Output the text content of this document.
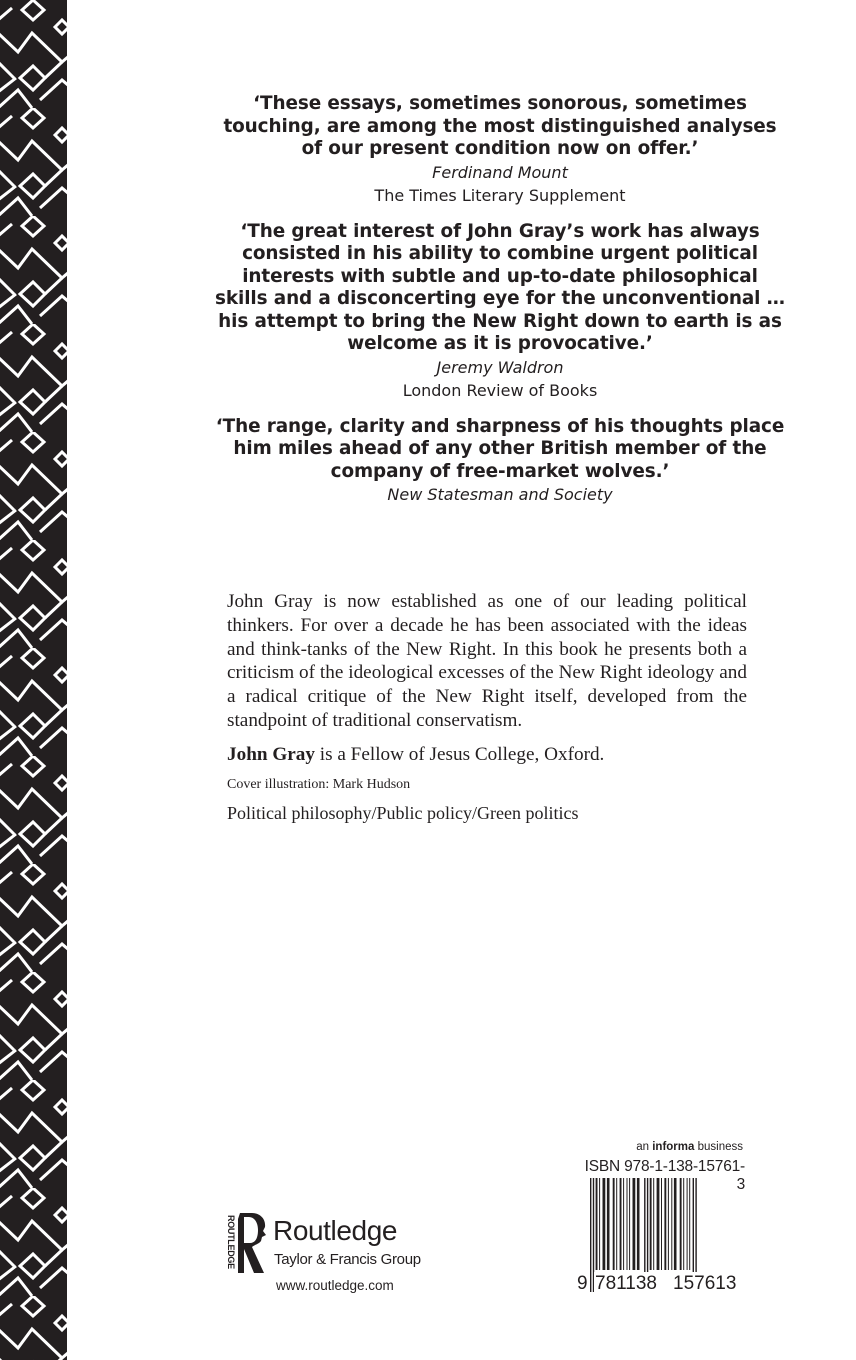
‘These essays, sometimes sonorous, sometimes touching, are among the most distinguished analyses of our present condition now on offer.’

Ferdinand Mount

The Times Literary Supplement

‘The great interest of John Gray’s work has always consisted in his ability to combine urgent political interests with subtle and up-to-date philosophical skills and a disconcerting eye for the unconventional … his attempt to bring the New Right down to earth is as welcome as it is provocative.’

Jeremy Waldron

London Review of Books

‘The range, clarity and sharpness of his thoughts place him miles ahead of any other British member of the company of free-market wolves.’

New Statesman and Society

John Gray is now established as one of our leading political thinkers. For over a decade he has been associated with the ideas and think-tanks of the New Right. In this book he presents both a criticism of the ideological excesses of the New Right ideology and a radical critique of the New Right itself, developed from the standpoint of traditional conservatism.

John Gray is a Fellow of Jesus College, Oxford.
Cover illustration: Mark Hudson
Political philosophy/Public policy/Green politics
ROUTLEDGE Routledge
Taylor & Francis Group
www.routledge.com
an informa business
ISBN 978-1-138-15761-3
9 781138 157613
